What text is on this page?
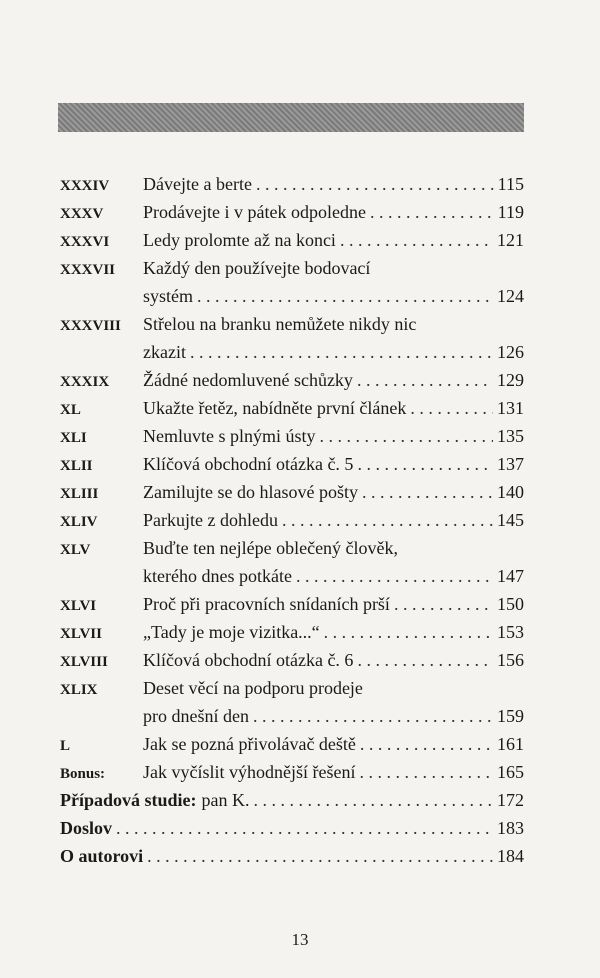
XXXIV	Dávejte a berte . . .	115
XXXV	Prodávejte i v pátek odpoledne . . .	119
XXXVI	Ledy prolomte až na konci . . .	121
XXXVII	Každý den používejte bodovací
systém . . .	124
XXXVIII	Střelou na branku nemůžete nikdy nic
zkazit . . .	126
XXXIX	Žádné nedomluvené schůzky . . .	129
XL	Ukažte řetěz, nabídněte první článek . . .	131
XLI	Nemluvte s plnými ústy . . .	135
XLII	Klíčová obchodní otázka č. 5 . . .	137
XLIII	Zamilujte se do hlasové pošty . . .	140
XLIV	Parkujte z dohledu . . .	145
XLV	Buďte ten nejlépe oblečený člověk,
kterého dnes potkáte . . .	147
XLVI	Proč při pracovních snídaních prší . . .	150
XLVII	„Tady je moje vizitka...“ . . .	153
XLVIII	Klíčová obchodní otázka č. 6 . . .	156
XLIX	Deset věcí na podporu prodeje
pro dnešní den . . .	159
L	Jak se pozná přivolávač deště . . .	161
Bonus:	Jak vyčíslit výhodnější řešení . . .	165
Případová studie: pan K. . . .	172
Doslov . . .	183
O autorovi . . .	184
13
